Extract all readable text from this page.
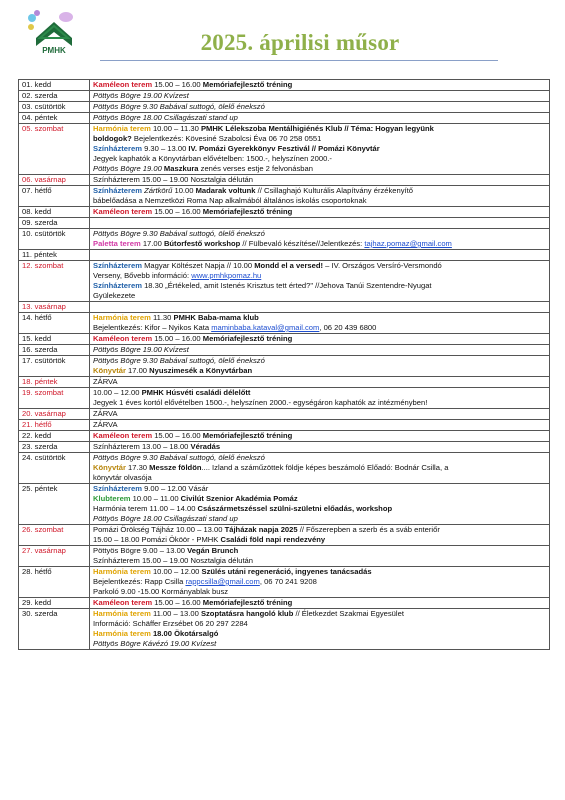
PMHK	2025. áprilisi műsor
01. kedd	Kaméleon terem 15.00 – 16.00 Memóriafejlesztő tréning

02. szerda	Pöttyös Bögre 19.00 Kvízest

03. csütörtök	Pöttyös Bögre 9.30 Babával suttogó, ölelő énekszó

04. péntek	Pöttyös Bögre 18.00 Csillagászati stand up

05. szombat	Harmónia terem 10.00 – 11.30 PMHK Lélekszoba Mentálhigiénés Klub // Téma: Hogyan legyünk
boldogok? Bejelentkezés: Kövesiné Szabolcsi Éva 06 70 258 0551
Színházterem 9.30 – 13.00 IV. Pomázi Gyerekkönyv Fesztivál // Pomázi Könyvtár
Jegyek kaphatók a Könyvtárban elővételben: 1500.-, helyszínen 2000.-
Pöttyös Bögre 19.00 Maszkura zenés verses estje 2 felvonásban

06. vasárnap	Színházterem 15.00 – 19.00 Nosztalgia délután

07. hétfő	Színházterem Zártkörű 10.00 Madarak voltunk // Csillaghajó Kulturális Alapítvány érzékenyítő
bábelőadása a Nemzetközi Roma Nap alkalmából általános iskolás csoportoknak

08. kedd	Kaméleon terem 15.00 – 16.00 Memóriafejlesztő tréning

09. szerda	

10. csütörtök	Pöttyös Bögre 9.30 Babával suttogó, ölelő énekszó
Paletta terem 17.00 Bútorfestő workshop // Fülbevaló készítése//Jelentkezés: tajhaz.pomaz@gmail.com

11. péntek	

12. szombat	Színházterem Magyar Költészet Napja // 10.00 Mondd el a versed! – IV. Országos Versíró-Versmondó
Verseny, Bővebb információ: www.pmhkpomaz.hu
Színházterem 18.30 „Értékeled, amit Istenés Krisztus tett érted?" //Jehova Tanúi Szentendre-Nyugat
Gyülekezete

13. vasárnap	

14. hétfő	Harmónia terem 11.30 PMHK Baba-mama klub
Bejelentkezés: Kifor – Nyikos Kata maminbaba.kataval@gmail.com, 06 20 439 6800

15. kedd	Kaméleon terem 15.00 – 16.00 Memóriafejlesztő tréning

16. szerda	Pöttyös Bögre 19.00 Kvízest

17. csütörtök	Pöttyös Bögre 9.30 Babával suttogó, ölelő énekszó
Könyvtár 17.00 Nyuszimesék a Könyvtárban

18. péntek	ZÁRVA

19. szombat	10.00 – 12.00 PMHK Húsvéti családi délelőtt
Jegyek 1 éves kortól elővételben 1500.-, helyszínen 2000.- egységáron kaphatók az intézményben!

20. vasárnap	ZÁRVA

21. hétfő	ZÁRVA

22. kedd	Kaméleon terem 15.00 – 16.00 Memóriafejlesztő tréning

23. szerda	Színházterem 13.00 – 18.00 Véradás

24. csütörtök	Pöttyös Bögre 9.30 Babával suttogó, ölelő énekszó
Könyvtár 17.30 Messze földön.... Izland a száműzöttek földje képes beszámoló Előadó: Bodnár Csilla, a
könyvtár olvasója

25. péntek	Színházterem 9.00 – 12.00 Vásár
Klubterem 10.00 – 11.00 Civilút Szenior Akadémia Pomáz
Harmónia terem 11.00 – 14.00 Császármetszéssel szülni-születni előadás, workshop
Pöttyös Bögre 18.00 Csillagászati stand up

26. szombat	Pomázi Örökség Tájház 10.00 – 13.00 Tájházak napja 2025 // Főszerepben a szerb és a sváb enteriőr
15.00 – 18.00 Pomázi Ököör - PMHK Családi föld napi rendezvény

27. vasárnap	Pöttyös Bögre 9.00 – 13.00 Vegán Brunch
Színházterem 15.00 – 19.00 Nosztalgia délután

28. hétfő	Harmónia terem 10.00 – 12.00 Szülés utáni regeneráció, ingyenes tanácsadás
Bejelentkezés: Rapp Csilla rappcsilla@gmail.com, 06 70 241 9208
Parkoló 9.00 -15.00 Kormányablak busz

29. kedd	Kaméleon terem 15.00 – 16.00 Memóriafejlesztő tréning

30. szerda	Harmónia terem 11.00 – 13.00 Szoptatásra hangoló klub // Életkezdet Szakmai Egyesület
Információ: Schäffer Erzsébet 06 20 297 2284
Harmónia terem 18.00 Ökotársalgó
Pöttyös Bögre Kávézó 19.00 Kvízest
